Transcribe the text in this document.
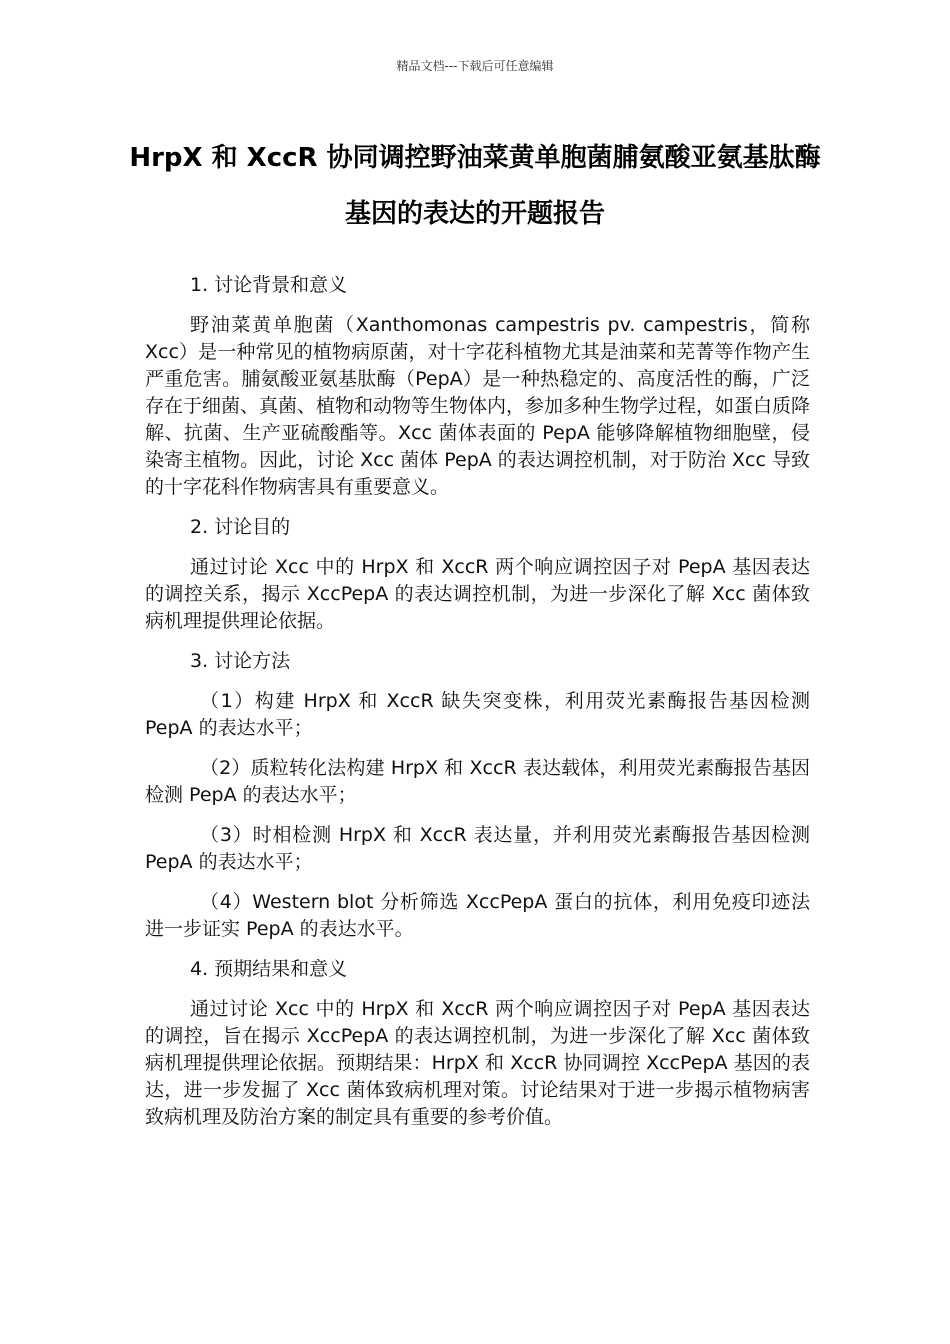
精品文档---下载后可任意编辑
HrpX 和 XccR 协同调控野油菜黄单胞菌脯氨酸亚氨基肽酶基因的表达的开题报告

1. 讨论背景和意义

野油菜黄单胞菌（Xanthomonas campestris pv. campestris，简称 Xcc）是一种常见的植物病原菌，对十字花科植物尤其是油菜和芜菁等作物产生严重危害。脯氨酸亚氨基肽酶（PepA）是一种热稳定的、高度活性的酶，广泛存在于细菌、真菌、植物和动物等生物体内，参加多种生物学过程，如蛋白质降解、抗菌、生产亚硫酸酯等。Xcc 菌体表面的 PepA 能够降解植物细胞壁，侵染寄主植物。因此，讨论 Xcc 菌体 PepA 的表达调控机制，对于防治 Xcc 导致的十字花科作物病害具有重要意义。

2. 讨论目的

通过讨论 Xcc 中的 HrpX 和 XccR 两个响应调控因子对 PepA 基因表达的调控关系，揭示 XccPepA 的表达调控机制，为进一步深化了解 Xcc 菌体致病机理提供理论依据。

3. 讨论方法

（1）构建 HrpX 和 XccR 缺失突变株，利用荧光素酶报告基因检测 PepA 的表达水平；

（2）质粒转化法构建 HrpX 和 XccR 表达载体，利用荧光素酶报告基因检测 PepA 的表达水平；

（3）时相检测 HrpX 和 XccR 表达量，并利用荧光素酶报告基因检测 PepA 的表达水平；

（4）Western blot 分析筛选 XccPepA 蛋白的抗体，利用免疫印迹法进一步证实 PepA 的表达水平。

4. 预期结果和意义

通过讨论 Xcc 中的 HrpX 和 XccR 两个响应调控因子对 PepA 基因表达的调控，旨在揭示 XccPepA 的表达调控机制，为进一步深化了解 Xcc 菌体致病机理提供理论依据。预期结果：HrpX 和 XccR 协同调控 XccPepA 基因的表达，进一步发掘了 Xcc 菌体致病机理对策。讨论结果对于进一步揭示植物病害致病机理及防治方案的制定具有重要的参考价值。
